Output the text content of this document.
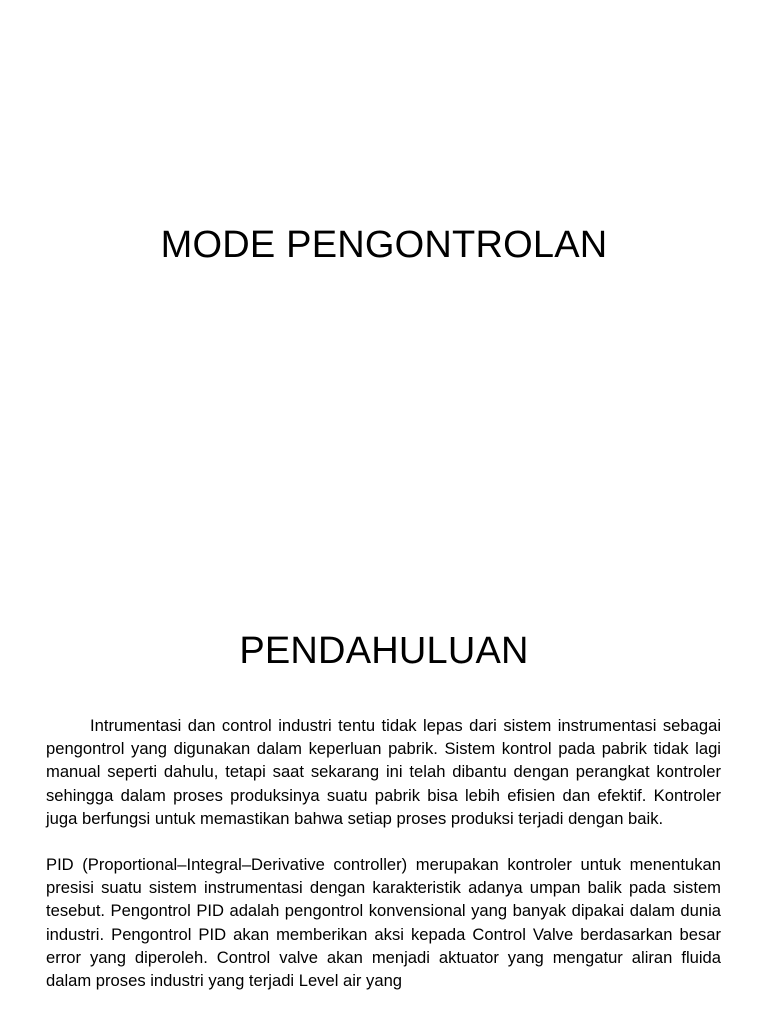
MODE PENGONTROLAN
PENDAHULUAN

Intrumentasi dan control industri tentu tidak lepas dari sistem instrumentasi sebagai pengontrol yang digunakan dalam keperluan pabrik. Sistem kontrol pada pabrik tidak lagi manual seperti dahulu, tetapi saat sekarang ini telah dibantu dengan perangkat kontroler sehingga dalam proses produksinya suatu pabrik bisa lebih efisien dan efektif. Kontroler juga berfungsi untuk memastikan bahwa setiap proses produksi terjadi dengan baik.

PID (Proportional–Integral–Derivative controller) merupakan kontroler untuk menentukan presisi suatu sistem instrumentasi dengan karakteristik adanya umpan balik pada sistem tesebut. Pengontrol PID adalah pengontrol konvensional yang banyak dipakai dalam dunia industri. Pengontrol PID akan memberikan aksi kepada Control Valve berdasarkan besar error yang diperoleh. Control valve akan menjadi aktuator yang mengatur aliran fluida dalam proses industri yang terjadi Level air yang
